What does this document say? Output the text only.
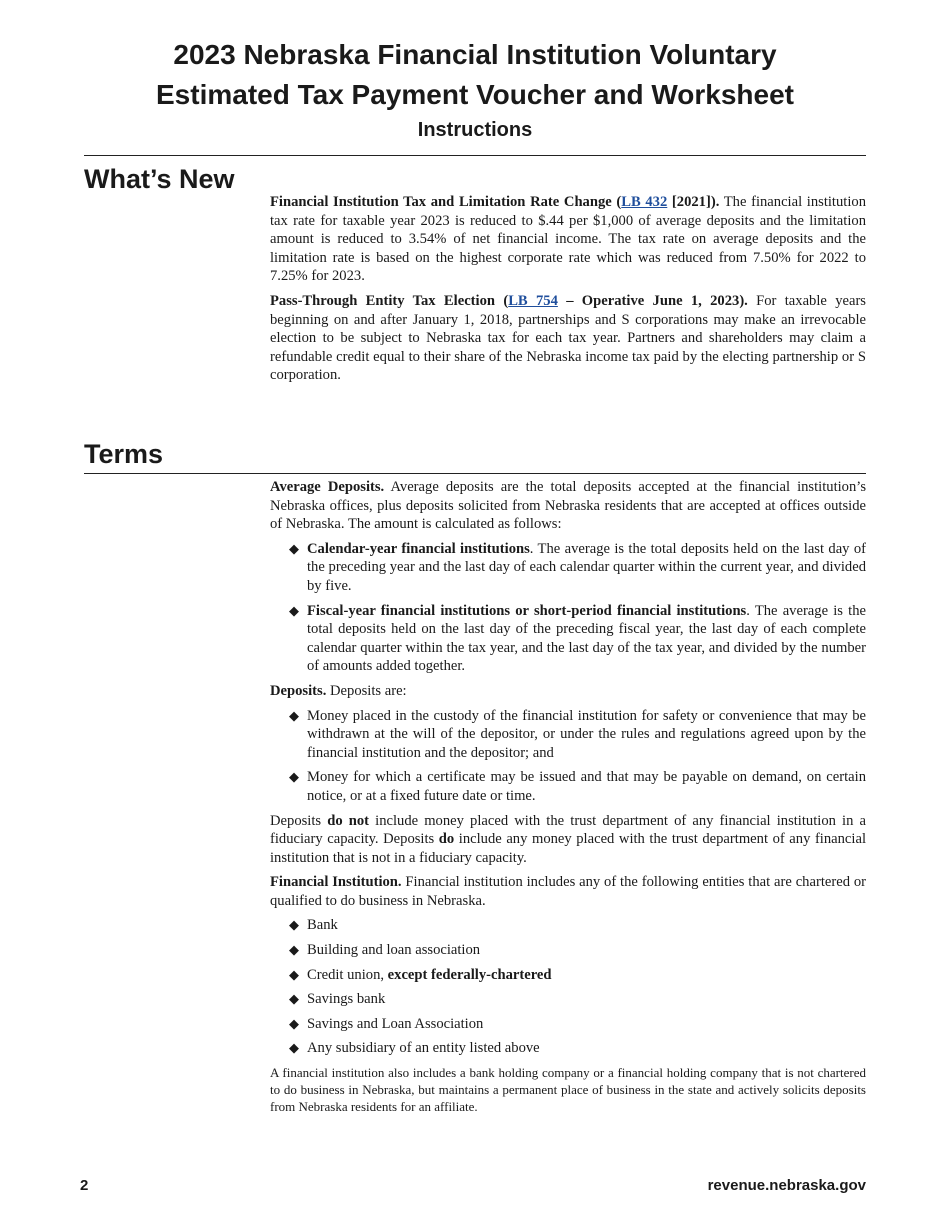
2023 Nebraska Financial Institution Voluntary
Estimated Tax Payment Voucher and Worksheet
Instructions
What’s New

Financial Institution Tax and Limitation Rate Change (LB 432 [2021]). The financial institution tax rate for taxable year 2023 is reduced to $.44 per $1,000 of average deposits and the limitation amount is reduced to 3.54% of net financial income. The tax rate on average deposits and the limitation rate is based on the highest corporate rate which was reduced from 7.50% for 2022 to 7.25% for 2023.

Pass-Through Entity Tax Election (LB 754 – Operative June 1, 2023). For taxable years beginning on and after January 1, 2018, partnerships and S corporations may make an irrevocable election to be subject to Nebraska tax for each tax year. Partners and shareholders may claim a refundable credit equal to their share of the Nebraska income tax paid by the electing partnership or S corporation.

Terms

Average Deposits. Average deposits are the total deposits accepted at the financial institution’s Nebraska offices, plus deposits solicited from Nebraska residents that are accepted at offices outside of Nebraska. The amount is calculated as follows:

◆ Calendar-year financial institutions. The average is the total deposits held on the last day of the preceding year and the last day of each calendar quarter within the current year, and divided by five.
◆ Fiscal-year financial institutions or short-period financial institutions. The average is the total deposits held on the last day of the preceding fiscal year, the last day of each complete calendar quarter within the tax year, and the last day of the tax year, and divided by the number of amounts added together.

Deposits. Deposits are:

◆ Money placed in the custody of the financial institution for safety or convenience that may be withdrawn at the will of the depositor, or under the rules and regulations agreed upon by the financial institution and the depositor; and
◆ Money for which a certificate may be issued and that may be payable on demand, on certain notice, or at a fixed future date or time.

Deposits do not include money placed with the trust department of any financial institution in a fiduciary capacity. Deposits do include any money placed with the trust department of any financial institution that is not in a fiduciary capacity.

Financial Institution. Financial institution includes any of the following entities that are chartered or qualified to do business in Nebraska.

◆ Bank
◆ Building and loan association
◆ Credit union, except federally-chartered
◆ Savings bank
◆ Savings and Loan Association
◆ Any subsidiary of an entity listed above

A financial institution also includes a bank holding company or a financial holding company that is not chartered to do business in Nebraska, but maintains a permanent place of business in the state and actively solicits deposits from Nebraska residents for an affiliate.

2	revenue.nebraska.gov
